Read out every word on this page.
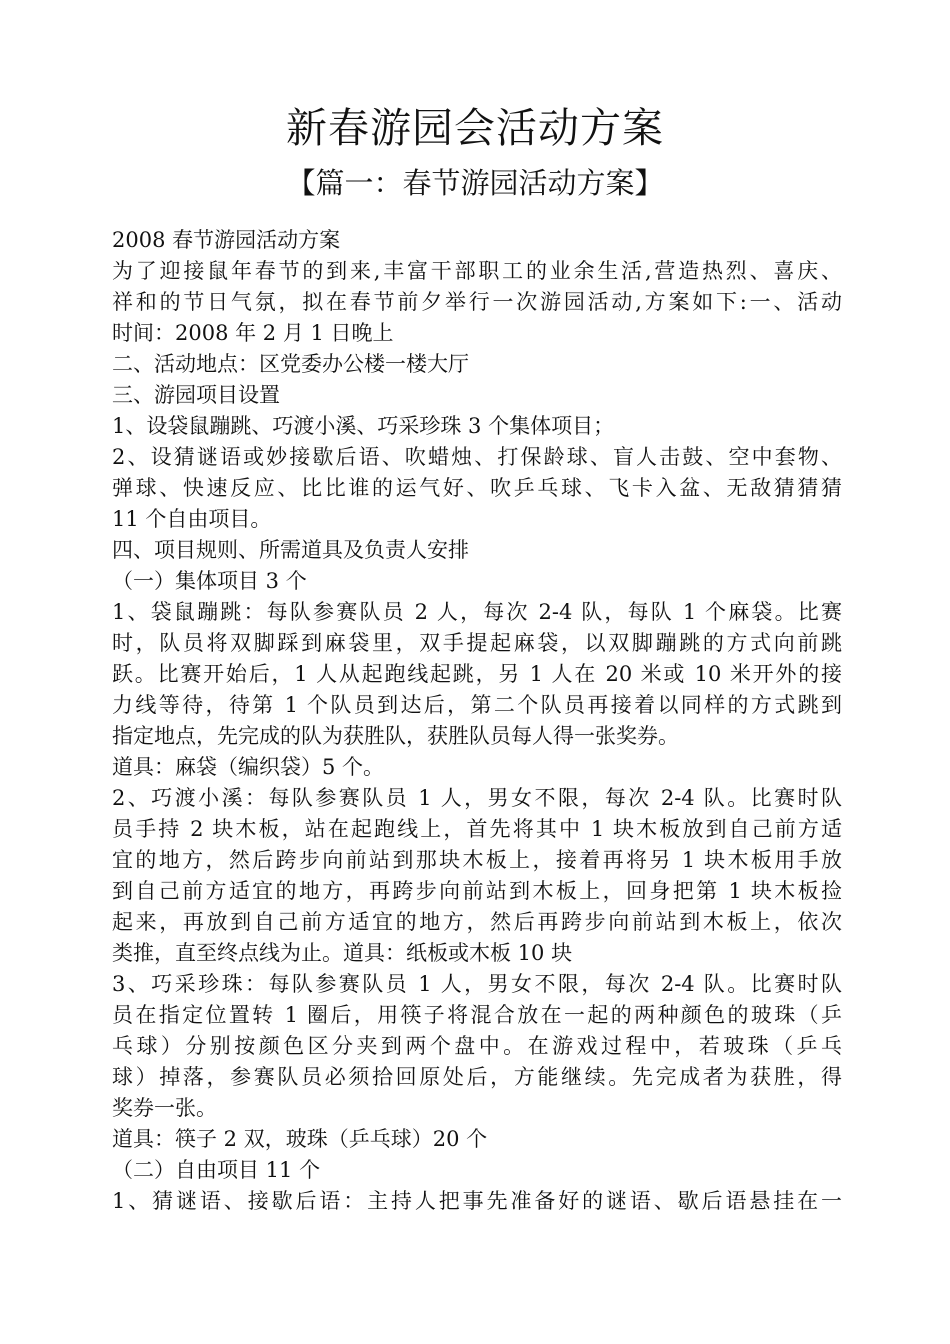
新春游园会活动方案
【篇一：春节游园活动方案】
2008 春节游园活动方案
为了迎接鼠年春节的到来,丰富干部职工的业余生活,营造热烈、喜庆、
祥和的节日气氛，拟在春节前夕举行一次游园活动,方案如下:一、活动
时间：2008 年 2 月 1 日晚上
二、活动地点：区党委办公楼一楼大厅
三、游园项目设置
1、设袋鼠蹦跳、巧渡小溪、巧采珍珠 3 个集体项目；
2、设猜谜语或妙接歇后语、吹蜡烛、打保龄球、盲人击鼓、空中套物、
弹球、快速反应、比比谁的运气好、吹乒乓球、飞卡入盆、无敌猜猜猜
11 个自由项目。
四、项目规则、所需道具及负责人安排
（一）集体项目 3 个
1、袋鼠蹦跳：每队参赛队员 2 人，每次 2-4 队，每队 1 个麻袋。比赛
时，队员将双脚踩到麻袋里，双手提起麻袋，以双脚蹦跳的方式向前跳
跃。比赛开始后，1 人从起跑线起跳，另 1 人在 20 米或 10 米开外的接
力线等待，待第 1 个队员到达后，第二个队员再接着以同样的方式跳到
指定地点，先完成的队为获胜队，获胜队员每人得一张奖券。
道具：麻袋（编织袋）5 个。
2、巧渡小溪：每队参赛队员 1 人，男女不限，每次 2-4 队。比赛时队
员手持 2 块木板，站在起跑线上，首先将其中 1 块木板放到自己前方适
宜的地方，然后跨步向前站到那块木板上，接着再将另 1 块木板用手放
到自己前方适宜的地方，再跨步向前站到木板上，回身把第 1 块木板捡
起来，再放到自己前方适宜的地方，然后再跨步向前站到木板上，依次
类推，直至终点线为止。道具：纸板或木板 10 块
3、巧采珍珠：每队参赛队员 1 人，男女不限，每次 2-4 队。比赛时队
员在指定位置转 1 圈后，用筷子将混合放在一起的两种颜色的玻珠（乒
乓球）分别按颜色区分夹到两个盘中。在游戏过程中，若玻珠（乒乓
球）掉落，参赛队员必须拾回原处后，方能继续。先完成者为获胜，得
奖券一张。
道具：筷子 2 双，玻珠（乒乓球）20 个
（二）自由项目 11 个
1、猜谜语、接歇后语：主持人把事先准备好的谜语、歇后语悬挂在一
